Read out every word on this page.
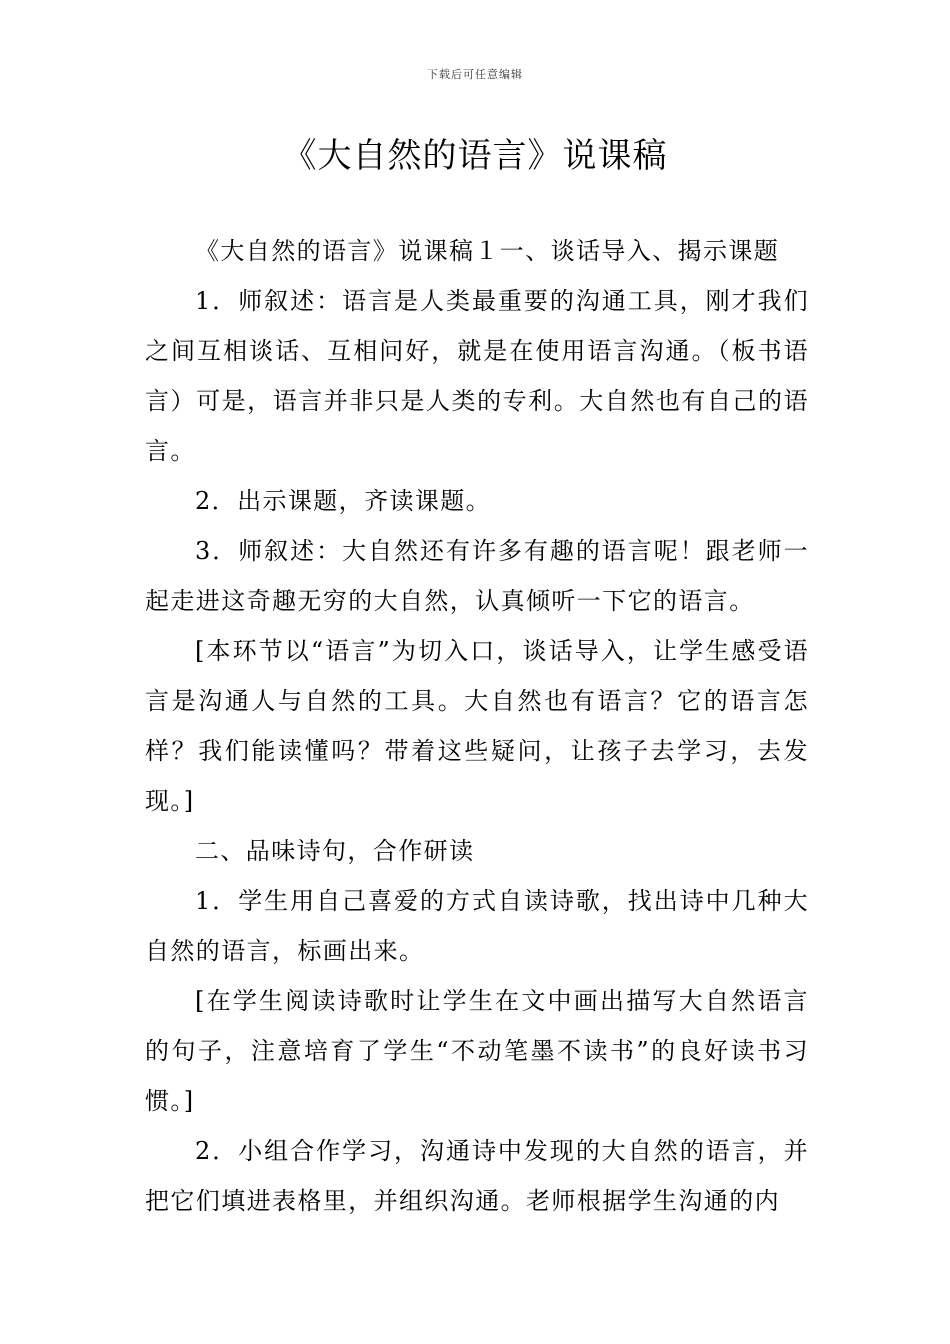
下载后可任意编辑
《大自然的语言》说课稿

《大自然的语言》说课稿１一、谈话导入、揭示课题

1．师叙述：语言是人类最重要的沟通工具，刚才我们之间互相谈话、互相问好，就是在使用语言沟通。（板书语言）可是，语言并非只是人类的专利。大自然也有自己的语言。

2．出示课题，齐读课题。

3．师叙述：大自然还有许多有趣的语言呢！跟老师一起走进这奇趣无穷的大自然，认真倾听一下它的语言。

[本环节以“语言”为切入口，谈话导入，让学生感受语言是沟通人与自然的工具。大自然也有语言？它的语言怎样？我们能读懂吗？带着这些疑问，让孩子去学习，去发现。]

二、品味诗句，合作研读

1．学生用自己喜爱的方式自读诗歌，找出诗中几种大自然的语言，标画出来。

[在学生阅读诗歌时让学生在文中画出描写大自然语言的句子，注意培育了学生“不动笔墨不读书”的良好读书习惯。]

2．小组合作学习，沟通诗中发现的大自然的语言，并把它们填进表格里，并组织沟通。老师根据学生沟通的内
